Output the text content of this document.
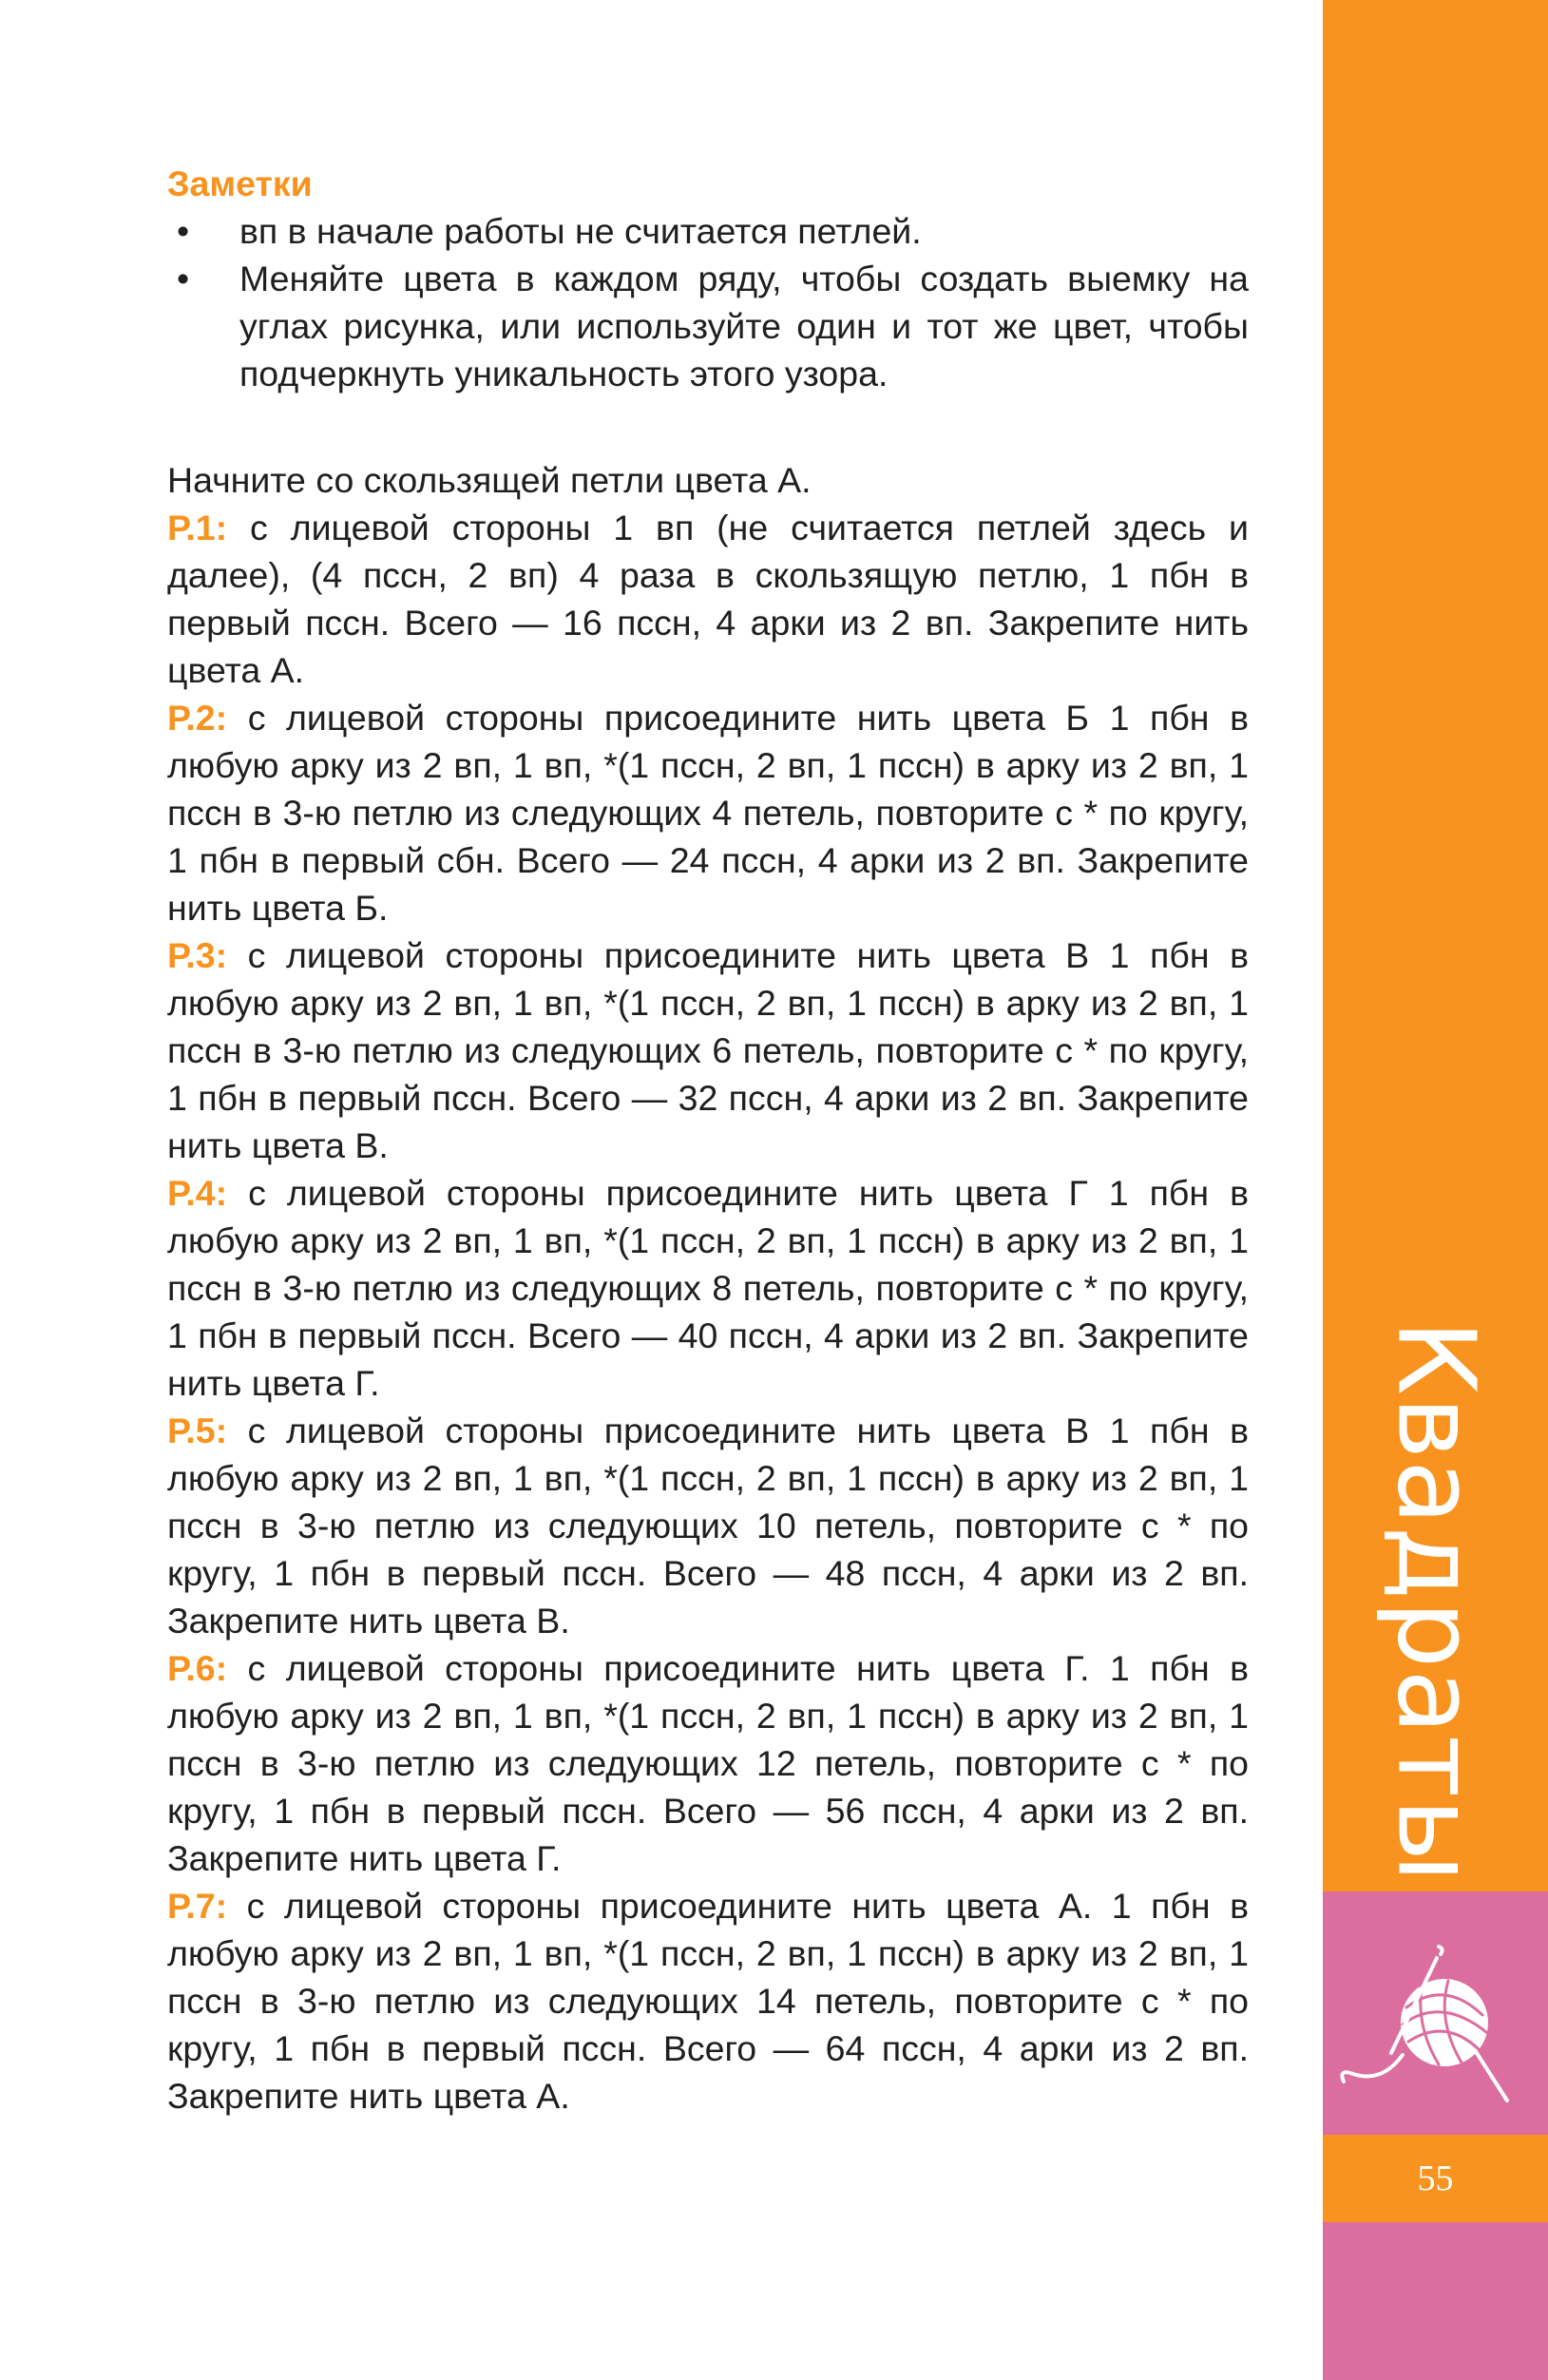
Заметки
• вп в начале работы не считается петлей.
• Меняйте цвета в каждом ряду, чтобы создать выемку на углах рисунка, или используйте один и тот же цвет, чтобы подчеркнуть уникальность этого узора.

Начните со скользящей петли цвета А.

Р.1: с лицевой стороны 1 вп (не считается петлей здесь и далее), (4 пссн, 2 вп) 4 раза в скользящую петлю, 1 пбн в первый пссн. Всего — 16 пссн, 4 арки из 2 вп. Закрепите нить цвета А.

Р.2: с лицевой стороны присоедините нить цвета Б 1 пбн в любую арку из 2 вп, 1 вп, *(1 пссн, 2 вп, 1 пссн) в арку из 2 вп, 1 пссн в 3-ю петлю из следующих 4 петель, повторите с * по кругу, 1 пбн в первый сбн. Всего — 24 пссн, 4 арки из 2 вп. Закрепите нить цвета Б.

Р.3: с лицевой стороны присоедините нить цвета В 1 пбн в любую арку из 2 вп, 1 вп, *(1 пссн, 2 вп, 1 пссн) в арку из 2 вп, 1 пссн в 3-ю петлю из следующих 6 петель, повторите с * по кругу, 1 пбн в первый пссн. Всего — 32 пссн, 4 арки из 2 вп. Закрепите нить цвета В.

Р.4: с лицевой стороны присоедините нить цвета Г 1 пбн в любую арку из 2 вп, 1 вп, *(1 пссн, 2 вп, 1 пссн) в арку из 2 вп, 1 пссн в 3-ю петлю из следующих 8 петель, повторите с * по кругу, 1 пбн в первый пссн. Всего — 40 пссн, 4 арки из 2 вп. Закрепите нить цвета Г.

Р.5: с лицевой стороны присоедините нить цвета В 1 пбн в любую арку из 2 вп, 1 вп, *(1 пссн, 2 вп, 1 пссн) в арку из 2 вп, 1 пссн в 3-ю петлю из следующих 10 петель, повторите с * по кругу, 1 пбн в первый пссн. Всего — 48 пссн, 4 арки из 2 вп. Закрепите нить цвета В.

Р.6: с лицевой стороны присоедините нить цвета Г. 1 пбн в любую арку из 2 вп, 1 вп, *(1 пссн, 2 вп, 1 пссн) в арку из 2 вп, 1 пссн в 3-ю петлю из следующих 12 петель, повторите с * по кругу, 1 пбн в первый пссн. Всего — 56 пссн, 4 арки из 2 вп. Закрепите нить цвета Г.

Р.7: с лицевой стороны присоедините нить цвета А. 1 пбн в любую арку из 2 вп, 1 вп, *(1 пссн, 2 вп, 1 пссн) в арку из 2 вп, 1 пссн в 3-ю петлю из следующих 14 петель, повторите с * по кругу, 1 пбн в первый пссн. Всего — 64 пссн, 4 арки из 2 вп. Закрепите нить цвета А.

Квадраты
55
